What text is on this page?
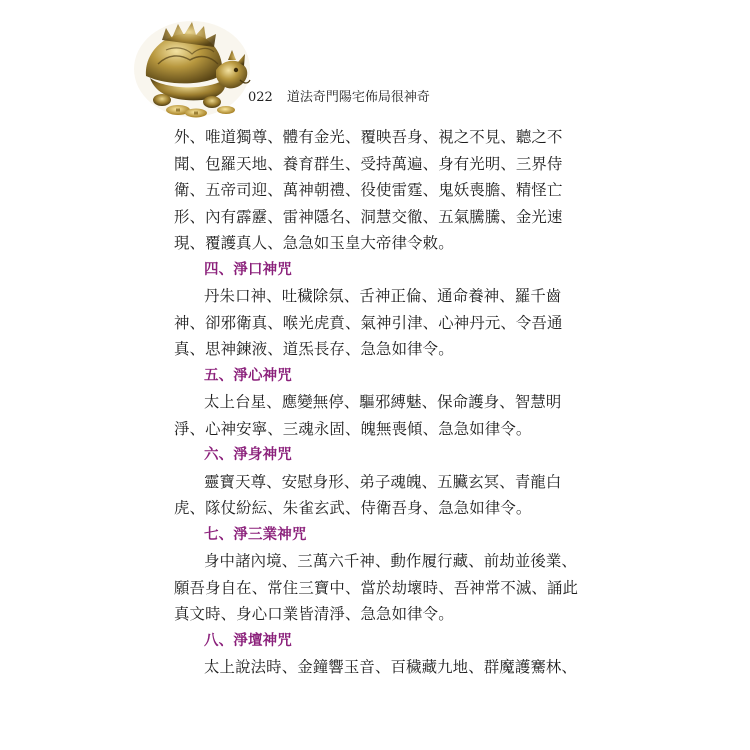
022 道法奇門陽宅佈局很神奇
外、唯道獨尊、體有金光、覆映吾身、視之不見、聽之不
聞、包羅天地、養育群生、受持萬遍、身有光明、三界侍
衛、五帝司迎、萬神朝禮、役使雷霆、鬼妖喪膽、精怪亡
形、內有霹靂、雷神隱名、洞慧交徹、五氣騰騰、金光速
現、覆護真人、急急如玉皇大帝律令敕。
四、淨口神咒
丹朱口神、吐穢除氛、舌神正倫、通命養神、羅千齒
神、卻邪衛真、喉光虎賁、氣神引津、心神丹元、令吾通
真、思神鍊液、道炁長存、急急如律令。
五、淨心神咒
太上台星、應變無停、驅邪縛魅、保命護身、智慧明
淨、心神安寧、三魂永固、魄無喪傾、急急如律令。
六、淨身神咒
靈寶天尊、安慰身形、弟子魂魄、五臟玄冥、青龍白
虎、隊仗紛紜、朱雀玄武、侍衛吾身、急急如律令。
七、淨三業神咒
身中諸內境、三萬六千神、動作履行藏、前劫並後業、
願吾身自在、常住三寶中、當於劫壞時、吾神常不滅、誦此
真文時、身心口業皆清淨、急急如律令。
八、淨壇神咒
太上說法時、金鐘響玉音、百穢藏九地、群魔護騫林、
